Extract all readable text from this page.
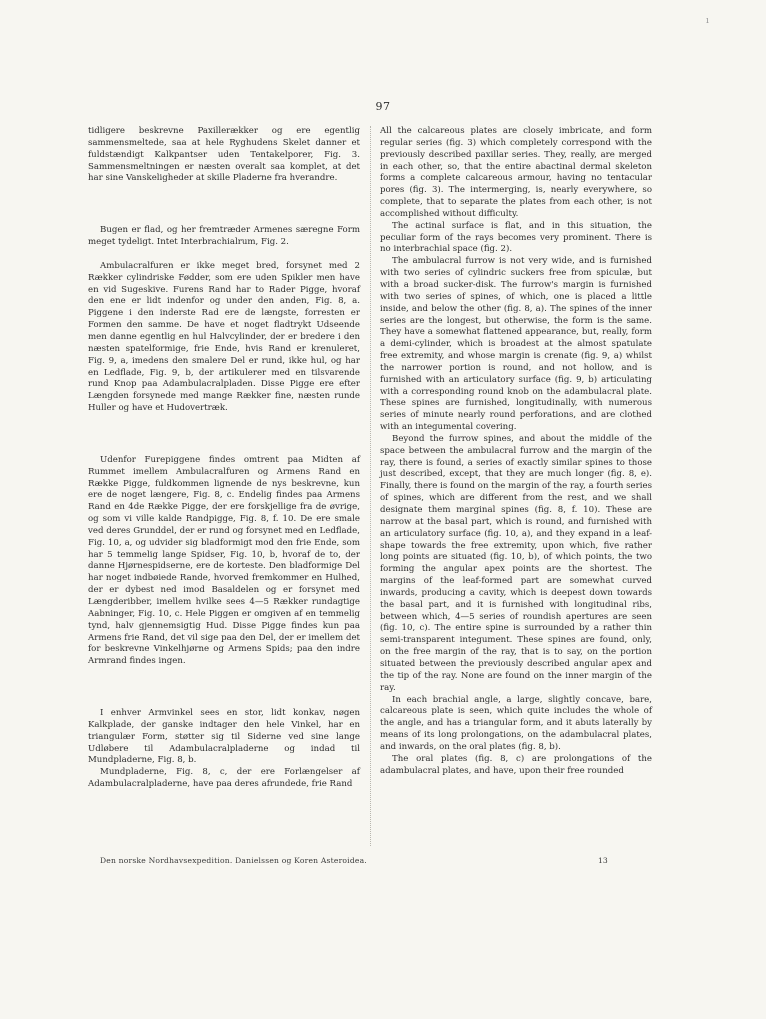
ı
97

tidligere beskrevne Paxillerækker og ere egentlig sammensmeltede, saa at hele Ryghudens Skelet danner et fuldstændigt Kalkpantser uden Tentakelporer, Fig. 3. Sammensmeltningen er næsten overalt saa komplet, at det har sine Vanskeligheder at skille Pladerne fra hverandre.

Bugen er flad, og her fremtræder Armenes særegne Form meget tydeligt. Intet Interbrachialrum, Fig. 2.

Ambulacralfuren er ikke meget bred, forsynet med 2 Rækker cylindriske Fødder, som ere uden Spikler men have en vid Sugeskive. Furens Rand har to Rader Pigge, hvoraf den ene er lidt indenfor og under den anden, Fig. 8, a. Piggene i den inderste Rad ere de længste, forresten er Formen den samme. De have et noget fladtrykt Udseende men danne egentlig en hul Halvcylinder, der er bredere i den næsten spatelformige, frie Ende, hvis Rand er krenuleret, Fig. 9, a, imedens den smalere Del er rund, ikke hul, og har en Ledflade, Fig. 9, b, der artikulerer med en tilsvarende rund Knop paa Adambulacralpladen. Disse Pigge ere efter Længden forsynede med mange Rækker fine, næsten runde Huller og have et Hudovertræk.

Udenfor Furepiggene findes omtrent paa Midten af Rummet imellem Ambulacralfuren og Armens Rand en Række Pigge, fuldkommen lignende de nys beskrevne, kun ere de noget længere, Fig. 8, c. Endelig findes paa Armens Rand en 4de Række Pigge, der ere forskjellige fra de øvrige, og som vi ville kalde Randpigge, Fig. 8, f. 10. De ere smale ved deres Grunddel, der er rund og forsynet med en Ledflade, Fig. 10, a, og udvider sig bladformigt mod den frie Ende, som har 5 temmelig lange Spidser, Fig. 10, b, hvoraf de to, der danne Hjørnespidserne, ere de korteste. Den bladformige Del har noget indbøiede Rande, hvorved fremkommer en Hulhed, der er dybest ned imod Basaldelen og er forsynet med Længderibber, imellem hvilke sees 4—5 Rækker rundagtige Aabninger, Fig. 10, c. Hele Piggen er omgiven af en temmelig tynd, halv gjennemsigtig Hud. Disse Pigge findes kun paa Armens frie Rand, det vil sige paa den Del, der er imellem det for beskrevne Vinkelhjørne og Armens Spids; paa den indre Armrand findes ingen.

I enhver Armvinkel sees en stor, lidt konkav, nøgen Kalkplade, der ganske indtager den hele Vinkel, har en triangulær Form, støtter sig til Siderne ved sine lange Udløbere til Adambulacralpladerne og indad til Mundpladerne, Fig. 8, b.

Mundpladerne, Fig. 8, c, der ere Forlængelser af Adambulacralpladerne, have paa deres afrundede, frie Rand

All the calcareous plates are closely imbricate, and form regular series (fig. 3) which completely correspond with the previously described paxillar series. They, really, are merged in each other, so, that the entire abactinal dermal skeleton forms a complete calcareous armour, having no tentacular pores (fig. 3). The intermerging, is, nearly everywhere, so complete, that to separate the plates from each other, is not accomplished without difficulty.

The actinal surface is flat, and in this situation, the peculiar form of the rays becomes very prominent. There is no interbrachial space (fig. 2).

The ambulacral furrow is not very wide, and is furnished with two series of cylindric suckers free from spiculæ, but with a broad sucker-disk. The furrow's margin is furnished with two series of spines, of which, one is placed a little inside, and below the other (fig. 8, a). The spines of the inner series are the longest, but otherwise, the form is the same. They have a somewhat flattened appearance, but, really, form a demi-cylinder, which is broadest at the almost spatulate free extremity, and whose margin is crenate (fig. 9, a) whilst the narrower portion is round, and not hollow, and is furnished with an articulatory surface (fig. 9, b) articulating with a corresponding round knob on the adambulacral plate. These spines are furnished, longitudinally, with numerous series of minute nearly round perforations, and are clothed with an integumental covering.

Beyond the furrow spines, and about the middle of the space between the ambulacral furrow and the margin of the ray, there is found, a series of exactly similar spines to those just described, except, that they are much longer (fig. 8, e). Finally, there is found on the margin of the ray, a fourth series of spines, which are different from the rest, and we shall designate them marginal spines (fig. 8, f. 10). These are narrow at the basal part, which is round, and furnished with an articulatory surface (fig. 10, a), and they expand in a leaf-shape towards the free extremity, upon which, five rather long points are situated (fig. 10, b), of which points, the two forming the angular apex points are the shortest. The margins of the leaf-formed part are somewhat curved inwards, producing a cavity, which is deepest down towards the basal part, and it is furnished with longitudinal ribs, between which, 4—5 series of roundish apertures are seen (fig. 10, c). The entire spine is surrounded by a rather thin semi-transparent integument. These spines are found, only, on the free margin of the ray, that is to say, on the portion situated between the previously described angular apex and the tip of the ray. None are found on the inner margin of the ray.

In each brachial angle, a large, slightly concave, bare, calcareous plate is seen, which quite includes the whole of the angle, and has a triangular form, and it abuts laterally by means of its long prolongations, on the adambulacral plates, and inwards, on the oral plates (fig. 8, b).

The oral plates (fig. 8, c) are prolongations of the adambulacral plates, and have, upon their free rounded

Den norske Nordhavsexpedition. Danielssen og Koren Asteroidea.	13
